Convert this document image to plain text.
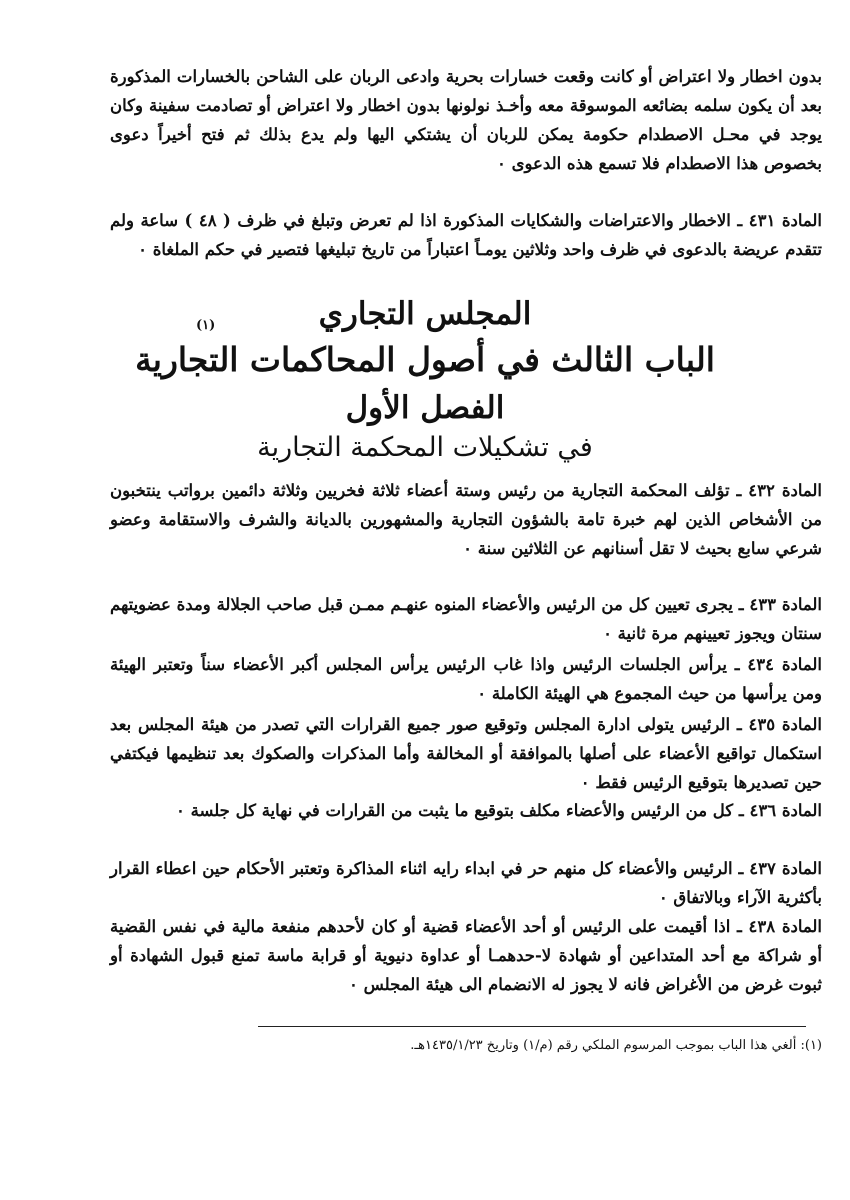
بدون اخطار ولا اعتراض أو كانت وقعت خسارات بحرية وادعى الربان على الشاحن بالخسارات المذكورة بعد أن يكون سلمه بضائعه الموسوقة معه وأخـذ نولونها بدون اخطار ولا اعتراض أو تصادمت سفينة وكان يوجد في محـل الاصطدام حكومة يمكن للربان أن يشتكي اليها ولم يدع بذلك ثم فتح أخيراً دعوى بخصوص هذا الاصطدام فلا تسمع هذه الدعوى ٠

المادة ٤٣١ ـ الاخطار والاعتراضات والشكايات المذكورة اذا لم تعرض وتبلغ في ظرف ( ٤٨ ) ساعة ولم تتقدم عريضة بالدعوى في ظرف واحد وثلاثين يومـاً اعتباراً من تاريخ تبليغها فتصير في حكم الملغاة ٠

المجلس التجاري
(١)
الباب الثالث في أصول المحاكمات التجارية
الفصل الأول
في تشكيلات المحكمة التجارية

المادة ٤٣٢ ـ تؤلف المحكمة التجارية من رئيس وستة أعضاء ثلاثة فخريين وثلاثة دائمين برواتب ينتخبون من الأشخاص الذين لهم خبرة تامة بالشؤون التجارية والمشهورين بالديانة والشرف والاستقامة وعضو شرعي سابع بحيث لا تقل أسنانهم عن الثلاثين سنة ٠

المادة ٤٣٣ ـ يجرى تعيين كل من الرئيس والأعضاء المنوه عنهـم ممـن قبل صاحب الجلالة ومدة عضويتهم سنتان ويجوز تعيينهم مرة ثانية ٠

المادة ٤٣٤ ـ يرأس الجلسات الرئيس واذا غاب الرئيس يرأس المجلس أكبر الأعضاء سناً وتعتبر الهيئة ومن يرأسها من حيث المجموع هي الهيئة الكاملة ٠

المادة ٤٣٥ ـ الرئيس يتولى ادارة المجلس وتوقيع صور جميع القرارات التي تصدر من هيئة المجلس بعد استكمال تواقيع الأعضاء على أصلها بالموافقة أو المخالفة وأما المذكرات والصكوك بعد تنظيمها فيكتفي حين تصديرها بتوقيع الرئيس فقط ٠

المادة ٤٣٦ ـ كل من الرئيس والأعضاء مكلف بتوقيع ما يثبت من القرارات في نهاية كل جلسة ٠

المادة ٤٣٧ ـ الرئيس والأعضاء كل منهم حر في ابداء رايه اثناء المذاكرة وتعتبر الأحكام حين اعطاء القرار بأكثرية الآراء وبالاتفاق ٠

المادة ٤٣٨ ـ اذا أقيمت على الرئيس أو أحد الأعضاء قضية أو كان لأحدهم منفعة مالية في نفس القضية أو شراكة مع أحد المتداعين أو شهادة لا-حدهمـا أو عداوة دنيوية أو قرابة ماسة تمنع قبول الشهادة أو ثبوت غرض من الأغراض فانه لا يجوز له الانضمام الى هيئة المجلس ٠

(١): ألغي هذا الباب بموجب المرسوم الملكي رقم (م/١) وتاريخ ١٤٣٥/١/٢٣هـ.
